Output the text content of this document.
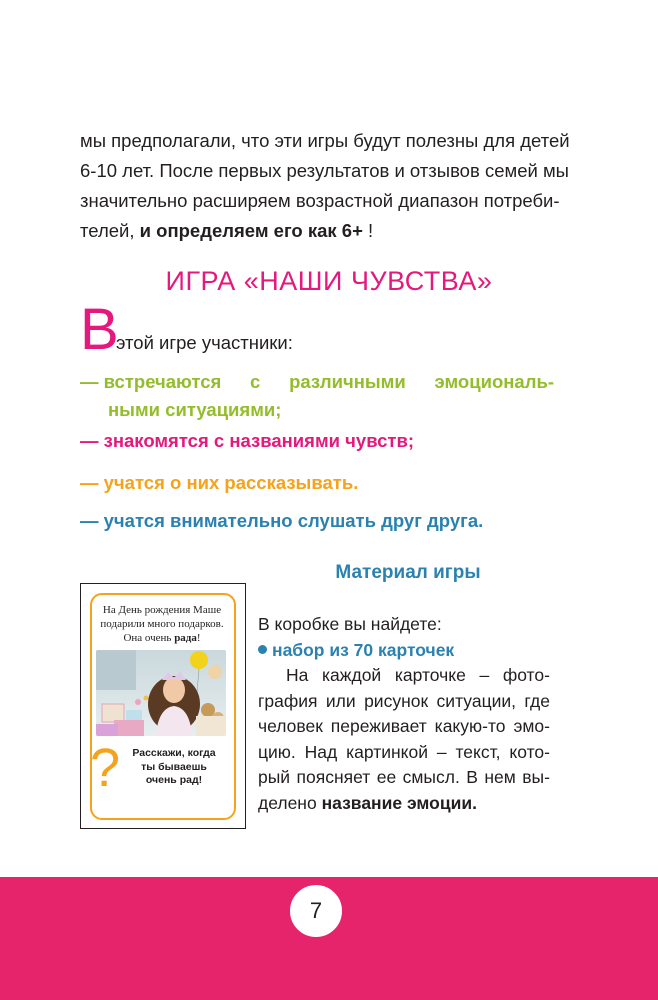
мы предполагали, что эти игры будут полезны для детей
6-10 лет. После первых результатов и отзывов семей мы
значительно расширяем возрастной диапазон потреби-
телей, и определяем его как 6+ !
ИГРА «НАШИ ЧУВСТВА»
В
этой игре участники:
— встречаются с различными эмоциональ-
ными ситуациями;
— знакомятся с названиями чувств;
— учатся о них рассказывать.
— учатся внимательно слушать друг друга.
Материал игры
На День рождения Маше
подарили много подарков.
Она очень рада!
?	Расскажи, когда
ты бываешь
очень рад!
В коробке вы найдете:
набор из 70 карточек
На каждой карточке – фото-
графия или рисунок ситуации, где
человек переживает какую-то эмо-
цию. Над картинкой – текст, кото-
рый поясняет ее смысл. В нем вы-
делено название эмоции.
7
